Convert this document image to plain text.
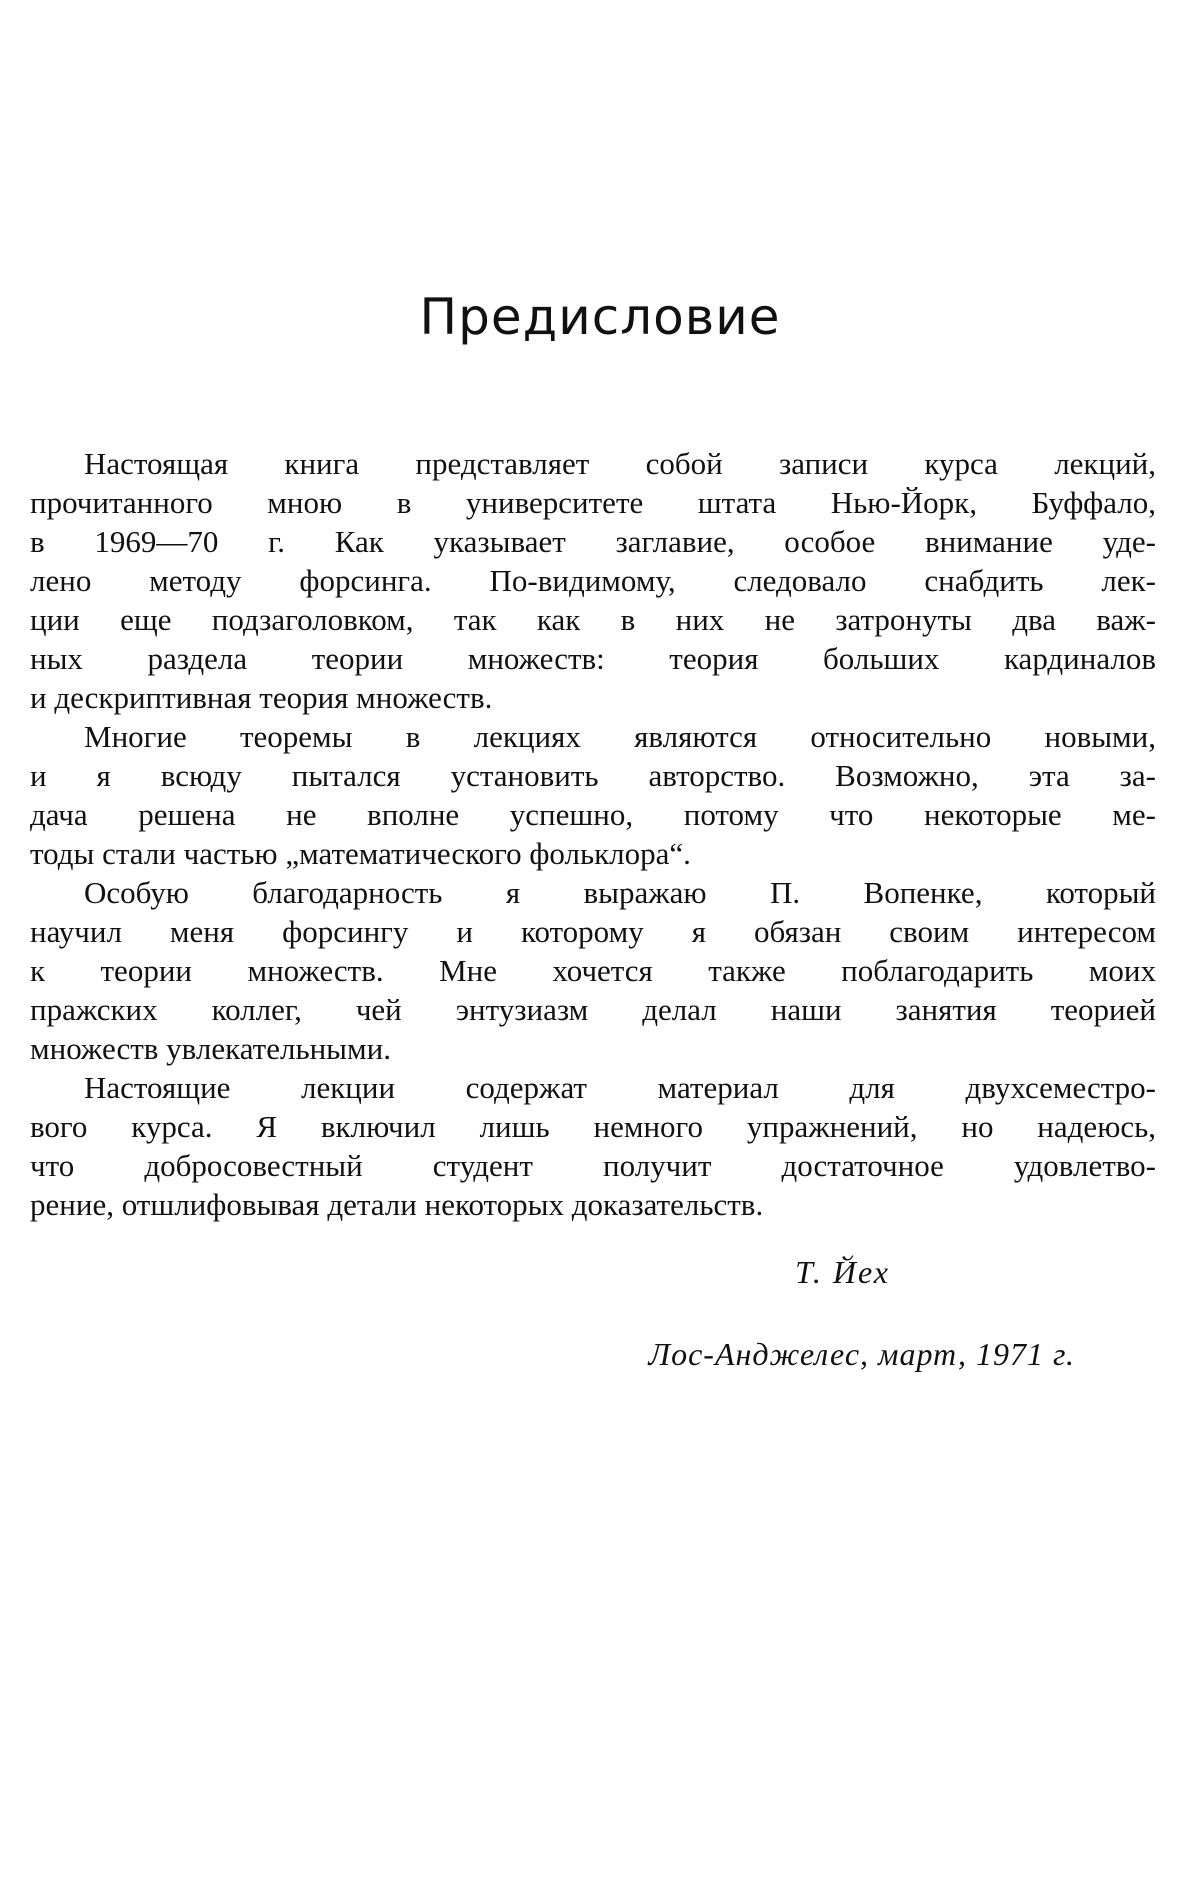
Предисловие
Настоящая книга представляет собой записи курса лекций,
прочитанного мною в университете штата Нью-Йорк, Буффало,
в 1969—70 г. Как указывает заглавие, особое внимание уде-
лено методу форсинга. По-видимому, следовало снабдить лек-
ции еще подзаголовком, так как в них не затронуты два важ-
ных раздела теории множеств: теория больших кардиналов
и дескриптивная теория множеств.
Многие теоремы в лекциях являются относительно новыми,
и я всюду пытался установить авторство. Возможно, эта за-
дача решена не вполне успешно, потому что некоторые ме-
тоды стали частью „математического фольклора“.
Особую благодарность я выражаю П. Вопенке, который
научил меня форсингу и которому я обязан своим интересом
к теории множеств. Мне хочется также поблагодарить моих
пражских коллег, чей энтузиазм делал наши занятия теорией
множеств увлекательными.
Настоящие лекции содержат материал для двухсеместро-
вого курса. Я включил лишь немного упражнений, но надеюсь,
что добросовестный студент получит достаточное удовлетво-
рение, отшлифовывая детали некоторых доказательств.
Т. Йех
Лос-Анджелес, март, 1971 г.
